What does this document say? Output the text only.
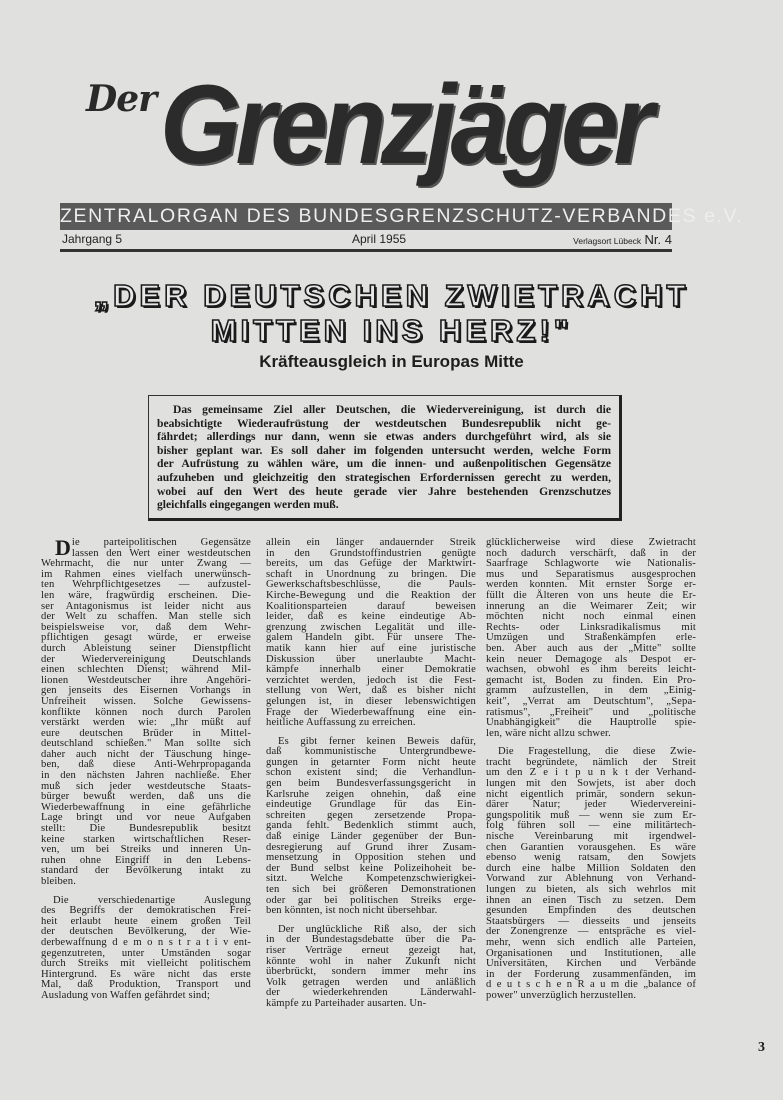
Der Grenzjäger
ZENTRALORGAN DES BUNDESGRENZSCHUTZ-VERBANDES e.V.
Jahrgang 5	April 1955	Verlagsort Lübeck Nr. 4
„DER DEUTSCHEN ZWIETRACHT
MITTEN INS HERZ!"
Kräfteausgleich in Europas Mitte
Das gemeinsame Ziel aller Deutschen, die Wiedervereinigung, ist durch die
beabsichtigte Wiederaufrüstung der westdeutschen Bundesrepublik nicht ge-
fährdet; allerdings nur dann, wenn sie etwas anders durchgeführt wird, als sie
bisher geplant war. Es soll daher im folgenden untersucht werden, welche Form
der Aufrüstung zu wählen wäre, um die innen- und außenpolitischen Gegensätze
aufzuheben und gleichzeitig den strategischen Erfordernissen gerecht zu werden,
wobei auf den Wert des heute gerade vier Jahre bestehenden Grenzschutzes
gleichfalls eingegangen werden muß.
D ie parteipolitischen Gegensätze
lassen den Wert einer westdeutschen
Wehrmacht, die nur unter Zwang —
im Rahmen eines vielfach unerwünsch-
ten Wehrpflichtgesetzes — aufzustel-
len wäre, fragwürdig erscheinen. Die-
ser Antagonismus ist leider nicht aus
der Welt zu schaffen. Man stelle sich
beispielsweise vor, daß dem Wehr-
pflichtigen gesagt würde, er erweise
durch Ableistung seiner Dienstpflicht
der Wiedervereinigung Deutschlands
einen schlechten Dienst; während Mil-
lionen Westdeutscher ihre Angehöri-
gen jenseits des Eisernen Vorhangs in
Unfreiheit wissen. Solche Gewissens-
konflikte können noch durch Parolen
verstärkt werden wie: „Ihr müßt auf
eure deutschen Brüder in Mittel-
deutschland schießen." Man sollte sich
daher auch nicht der Täuschung hinge-
ben, daß diese Anti-Wehrpropaganda
in den nächsten Jahren nachließe. Eher
muß sich jeder westdeutsche Staats-
bürger bewußt werden, daß uns die
Wiederbewaffnung in eine gefährliche
Lage bringt und vor neue Aufgaben
stellt: Die Bundesrepublik besitzt
keine starken wirtschaftlichen Reser-
ven, um bei Streiks und inneren Un-
ruhen ohne Eingriff in den Lebens-
standard der Bevölkerung intakt zu
bleiben.
Die verschiedenartige Auslegung
des Begriffs der demokratischen Frei-
heit erlaubt heute einem großen Teil
der deutschen Bevölkerung, der Wie-
derbewaffnung d e m o n s t r a t i v ent-
gegenzutreten, unter Umständen sogar
durch Streiks mit vielleicht politischem
Hintergrund. Es wäre nicht das erste
Mal, daß Produktion, Transport und
Ausladung von Waffen gefährdet sind;
allein ein länger andauernder Streik
in den Grundstoffindustrien genügte
bereits, um das Gefüge der Marktwirt-
schaft in Unordnung zu bringen. Die
Gewerkschaftsbeschlüsse, die Pauls-
Kirche-Bewegung und die Reaktion der
Koalitionsparteien darauf beweisen
leider, daß es keine eindeutige Ab-
grenzung zwischen Legalität und ille-
galem Handeln gibt. Für unsere The-
matik kann hier auf eine juristische
Diskussion über unerlaubte Macht-
kämpfe innerhalb einer Demokratie
verzichtet werden, jedoch ist die Fest-
stellung von Wert, daß es bisher nicht
gelungen ist, in dieser lebenswichtigen
Frage der Wiederbewaffnung eine ein-
heitliche Auffassung zu erreichen.
Es gibt ferner keinen Beweis dafür,
daß kommunistische Untergrundbewe-
gungen in getarnter Form nicht heute
schon existent sind; die Verhandlun-
gen beim Bundesverfassungsgericht in
Karlsruhe zeigen ohnehin, daß eine
eindeutige Grundlage für das Ein-
schreiten gegen zersetzende Propa-
ganda fehlt. Bedenklich stimmt auch,
daß einige Länder gegenüber der Bun-
desregierung auf Grund ihrer Zusam-
mensetzung in Opposition stehen und
der Bund selbst keine Polizeihoheit be-
sitzt. Welche Kompetenzschwierigkei-
ten sich bei größeren Demonstrationen
oder gar bei politischen Streiks erge-
ben könnten, ist noch nicht übersehbar.
Der unglückliche Riß also, der sich
in der Bundestagsdebatte über die Pa-
riser Verträge erneut gezeigt hat,
könnte wohl in naher Zukunft nicht
überbrückt, sondern immer mehr ins
Volk getragen werden und anläßlich
der wiederkehrenden Länderwahl-
kämpfe zu Parteihader ausarten. Un-
glücklicherweise wird diese Zwietracht
noch dadurch verschärft, daß in der
Saarfrage Schlagworte wie Nationalis-
mus und Separatismus ausgesprochen
werden konnten. Mit ernster Sorge er-
füllt die Älteren von uns heute die Er-
innerung an die Weimarer Zeit; wir
möchten nicht noch einmal einen
Rechts- oder Linksradikalismus mit
Umzügen und Straßenkämpfen erle-
ben. Aber auch aus der „Mitte" sollte
kein neuer Demagoge als Despot er-
wachsen, obwohl es ihm bereits leicht-
gemacht ist, Boden zu finden. Ein Pro-
gramm aufzustellen, in dem „Einig-
keit", „Verrat am Deutschtum", „Sepa-
ratismus", „Freiheit" und „politische
Unabhängigkeit" die Hauptrolle spie-
len, wäre nicht allzu schwer.
Die Fragestellung, die diese Zwie-
tracht begründete, nämlich der Streit
um den Z e i t p u n k t der Verhand-
lungen mit den Sowjets, ist aber doch
nicht eigentlich primär, sondern sekun-
därer Natur; jeder Wiedervereini-
gungspolitik muß — wenn sie zum Er-
folg führen soll — eine militärtech-
nische Vereinbarung mit irgendwel-
chen Garantien vorausgehen. Es wäre
ebenso wenig ratsam, den Sowjets
durch eine halbe Million Soldaten den
Vorwand zur Ablehnung von Verhand-
lungen zu bieten, als sich wehrlos mit
ihnen an einen Tisch zu setzen. Dem
gesunden Empfinden des deutschen
Staatsbürgers — diesseits und jenseits
der Zonengrenze — entspräche es viel-
mehr, wenn sich endlich alle Parteien,
Organisationen und Institutionen, alle
Universitäten, Kirchen und Verbände
in der Forderung zusammenfänden, im
d e u t s c h e n R a u m die „balance of
power" unverzüglich herzustellen.
3
